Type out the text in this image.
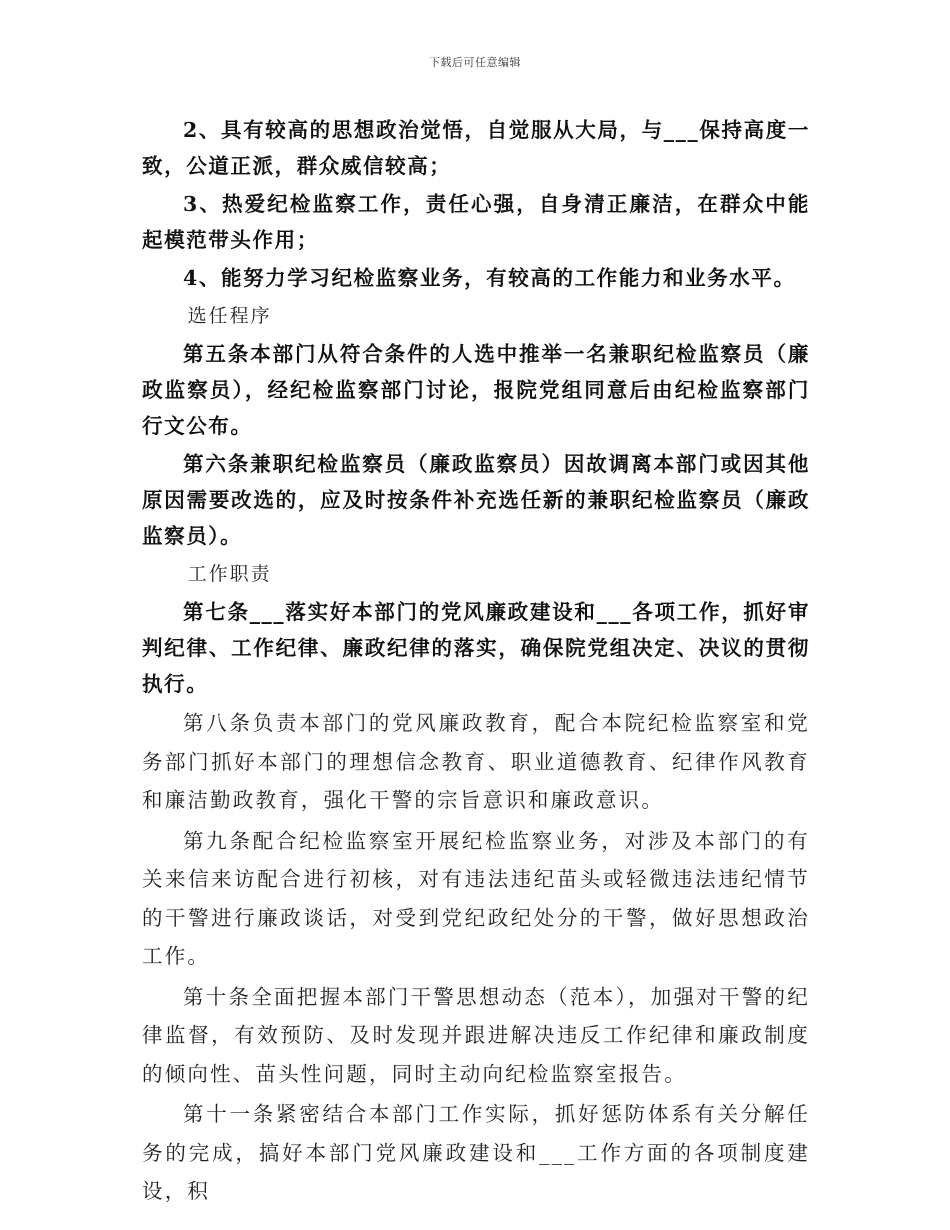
下载后可任意编辑

2、具有较高的思想政治觉悟，自觉服从大局，与___保持高度一致，公道正派，群众威信较高；

3、热爱纪检监察工作，责任心强，自身清正廉洁，在群众中能起模范带头作用；

4、能努力学习纪检监察业务，有较高的工作能力和业务水平。

选任程序

第五条本部门从符合条件的人选中推举一名兼职纪检监察员（廉政监察员），经纪检监察部门讨论，报院党组同意后由纪检监察部门行文公布。

第六条兼职纪检监察员（廉政监察员）因故调离本部门或因其他原因需要改选的，应及时按条件补充选任新的兼职纪检监察员（廉政监察员）。

工作职责

第七条___落实好本部门的党风廉政建设和___各项工作，抓好审判纪律、工作纪律、廉政纪律的落实，确保院党组决定、决议的贯彻执行。

第八条负责本部门的党风廉政教育，配合本院纪检监察室和党务部门抓好本部门的理想信念教育、职业道德教育、纪律作风教育和廉洁勤政教育，强化干警的宗旨意识和廉政意识。

第九条配合纪检监察室开展纪检监察业务，对涉及本部门的有关来信来访配合进行初核，对有违法违纪苗头或轻微违法违纪情节的干警进行廉政谈话，对受到党纪政纪处分的干警，做好思想政治工作。

第十条全面把握本部门干警思想动态（范本），加强对干警的纪律监督，有效预防、及时发现并跟进解决违反工作纪律和廉政制度的倾向性、苗头性问题，同时主动向纪检监察室报告。

第十一条紧密结合本部门工作实际，抓好惩防体系有关分解任务的完成，搞好本部门党风廉政建设和___工作方面的各项制度建设，积
